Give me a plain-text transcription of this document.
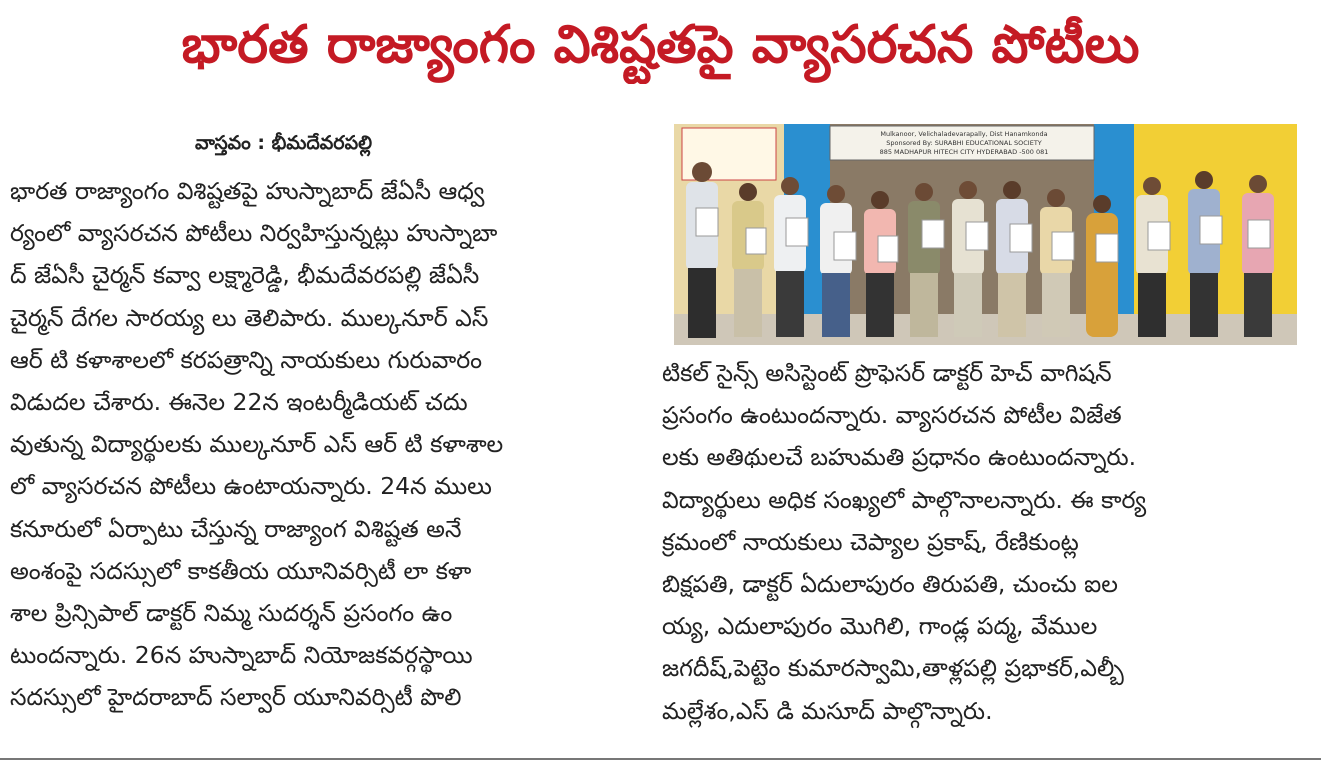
భారత రాజ్యాంగం విశిష్టతపై వ్యాసరచన పోటీలు
వాస్తవం : భీమదేవరపల్లి
భారత రాజ్యాంగం విశిష్టతపై హుస్నాబాద్ జేఏసీ ఆధ్వ
ర్యంలో వ్యాసరచన పోటీలు నిర్వహిస్తున్నట్లు హుస్నాబా
ద్ జేఏసీ చైర్మన్ కవ్వా లక్ష్మారెడ్డి, భీమదేవరపల్లి జేఏసీ
చైర్మన్ దేగల సారయ్య లు తెలిపారు. ముల్కనూర్ ఎస్
ఆర్ టి కళాశాలలో కరపత్రాన్ని నాయకులు గురువారం
విడుదల చేశారు. ఈనెల 22న ఇంటర్మీడియట్ చదు
వుతున్న విద్యార్థులకు ముల్కనూర్ ఎస్ ఆర్ టి కళాశాల
లో వ్యాసరచన పోటీలు ఉంటాయన్నారు. 24న ములు
కనూరులో ఏర్పాటు చేస్తున్న రాజ్యాంగ విశిష్టత అనే
అంశంపై సదస్సులో కాకతీయ యూనివర్సిటీ లా కళా
శాల ప్రిన్సిపాల్ డాక్టర్ నిమ్మ సుదర్శన్ ప్రసంగం ఉం
టుందన్నారు. 26న హుస్నాబాద్ నియోజకవర్గస్థాయి
సదస్సులో హైదరాబాద్ సల్వార్ యూనివర్సిటీ పొలి
Mulkanoor, Velichaladevarapally, Dist Hanamkonda
Sponsored By: SURABHI EDUCATIONAL SOCIETY
885 MADHAPUR HITECH CITY HYDERABAD -500 081
టికల్ సైన్స్ అసిస్టెంట్ ప్రొఫెసర్ డాక్టర్ హెచ్ వాగిషన్
ప్రసంగం ఉంటుందన్నారు. వ్యాసరచన పోటీల విజేత
లకు అతిథులచే బహుమతి ప్రధానం ఉంటుందన్నారు.
విద్యార్థులు అధిక సంఖ్యలో పాల్గొనాలన్నారు. ఈ కార్య
క్రమంలో నాయకులు చెప్యాల ప్రకాష్, రేణికుంట్ల
బిక్షపతి, డాక్టర్ ఏదులాపురం తిరుపతి, చుంచు ఐల
య్య, ఎదులాపురం మొగిలి, గాండ్ల పద్మ, వేముల
జగదీష్,పెట్టెం కుమారస్వామి,తాళ్లపల్లి ప్రభాకర్,ఎల్బీ
మల్లేశం,ఎస్ డి మసూద్ పాల్గొన్నారు.
